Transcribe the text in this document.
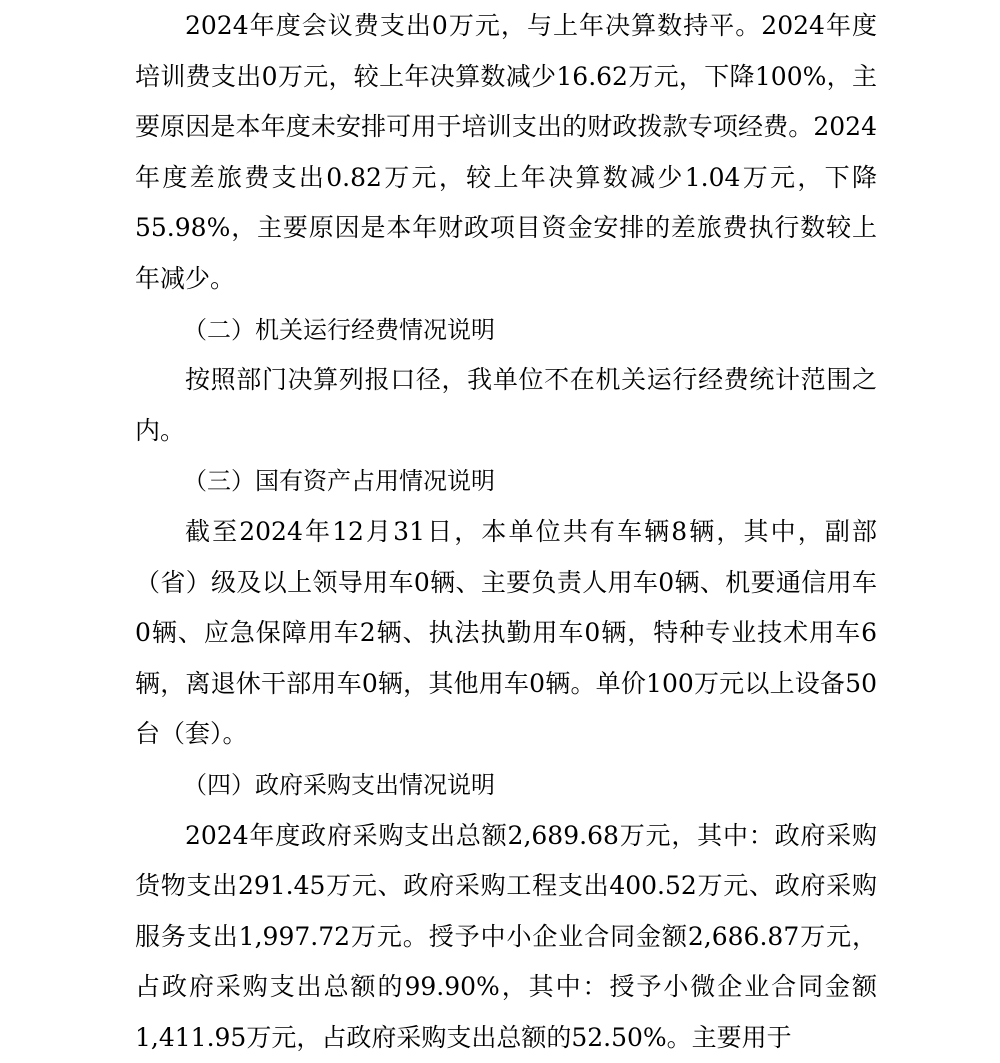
2024年度会议费支出0万元，与上年决算数持平。2024年度培训费支出0万元，较上年决算数减少16.62万元，下降100%，主要原因是本年度未安排可用于培训支出的财政拨款专项经费。2024年度差旅费支出0.82万元，较上年决算数减少1.04万元，下降55.98%，主要原因是本年财政项目资金安排的差旅费执行数较上年减少。

（二）机关运行经费情况说明

按照部门决算列报口径，我单位不在机关运行经费统计范围之内。

（三）国有资产占用情况说明

截至2024年12月31日，本单位共有车辆8辆，其中，副部（省）级及以上领导用车0辆、主要负责人用车0辆、机要通信用车0辆、应急保障用车2辆、执法执勤用车0辆，特种专业技术用车6辆，离退休干部用车0辆，其他用车0辆。单价100万元以上设备50台（套）。

（四）政府采购支出情况说明

2024年度政府采购支出总额2,689.68万元，其中：政府采购货物支出291.45万元、政府采购工程支出400.52万元、政府采购服务支出1,997.72万元。授予中小企业合同金额2,686.87万元，占政府采购支出总额的99.90%，其中：授予小微企业合同金额1,411.95万元，占政府采购支出总额的52.50%。主要用于
